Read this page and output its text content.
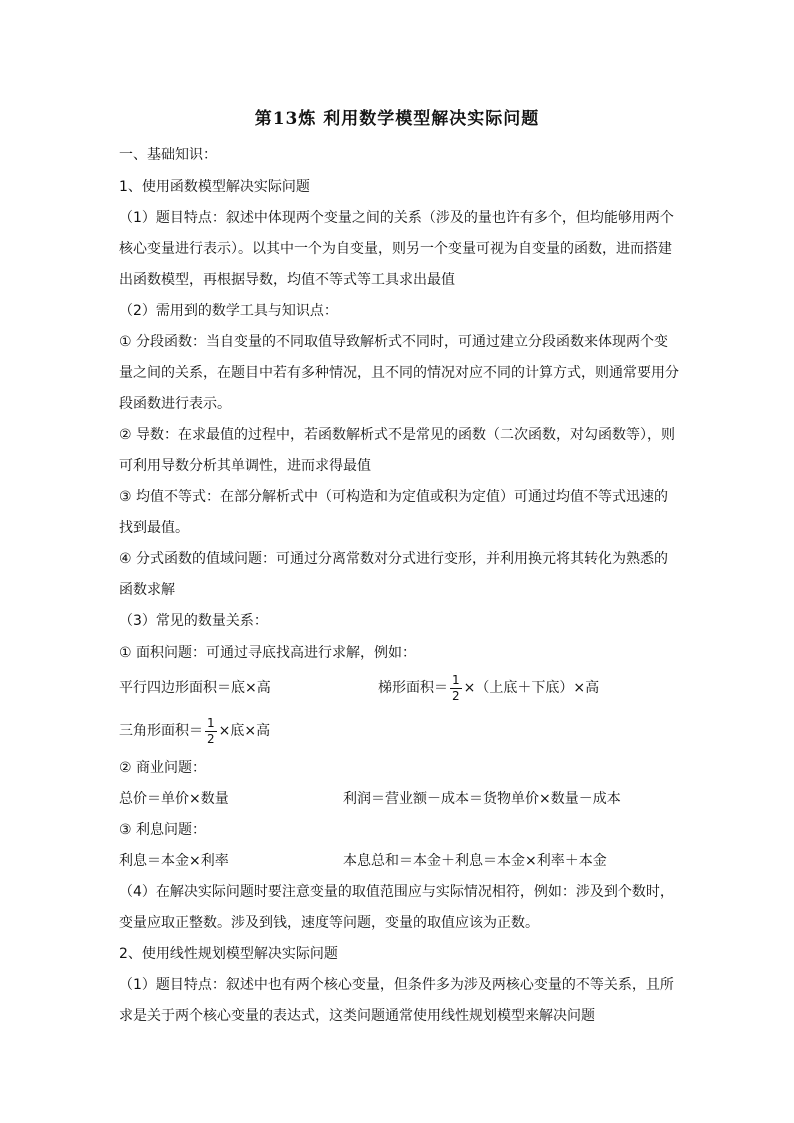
第13炼 利用数学模型解决实际问题
一、基础知识：
1、使用函数模型解决实际问题
（1）题目特点：叙述中体现两个变量之间的关系（涉及的量也许有多个，但均能够用两个
核心变量进行表示）。以其中一个为自变量，则另一个变量可视为自变量的函数，进而搭建
出函数模型，再根据导数，均值不等式等工具求出最值
（2）需用到的数学工具与知识点：
① 分段函数：当自变量的不同取值导致解析式不同时，可通过建立分段函数来体现两个变
量之间的关系，在题目中若有多种情况，且不同的情况对应不同的计算方式，则通常要用分
段函数进行表示。
② 导数：在求最值的过程中，若函数解析式不是常见的函数（二次函数，对勾函数等），则
可利用导数分析其单调性，进而求得最值
③ 均值不等式：在部分解析式中（可构造和为定值或积为定值）可通过均值不等式迅速的
找到最值。
④ 分式函数的值域问题：可通过分离常数对分式进行变形，并利用换元将其转化为熟悉的
函数求解
（3）常见的数量关系：
① 面积问题：可通过寻底找高进行求解，例如：
平行四边形面积＝底×高	梯形面积＝ $\frac{1}{2}$ ×（上底＋下底）×高
三角形面积＝ $\frac{1}{2}$ ×底×高
② 商业问题：
总价＝单价×数量	利润＝营业额－成本＝货物单价×数量－成本
③ 利息问题：
利息＝本金×利率	本息总和＝本金＋利息＝本金×利率＋本金
（4）在解决实际问题时要注意变量的取值范围应与实际情况相符，例如：涉及到个数时，
变量应取正整数。涉及到钱，速度等问题，变量的取值应该为正数。
2、使用线性规划模型解决实际问题
（1）题目特点：叙述中也有两个核心变量，但条件多为涉及两核心变量的不等关系，且所
求是关于两个核心变量的表达式，这类问题通常使用线性规划模型来解决问题
